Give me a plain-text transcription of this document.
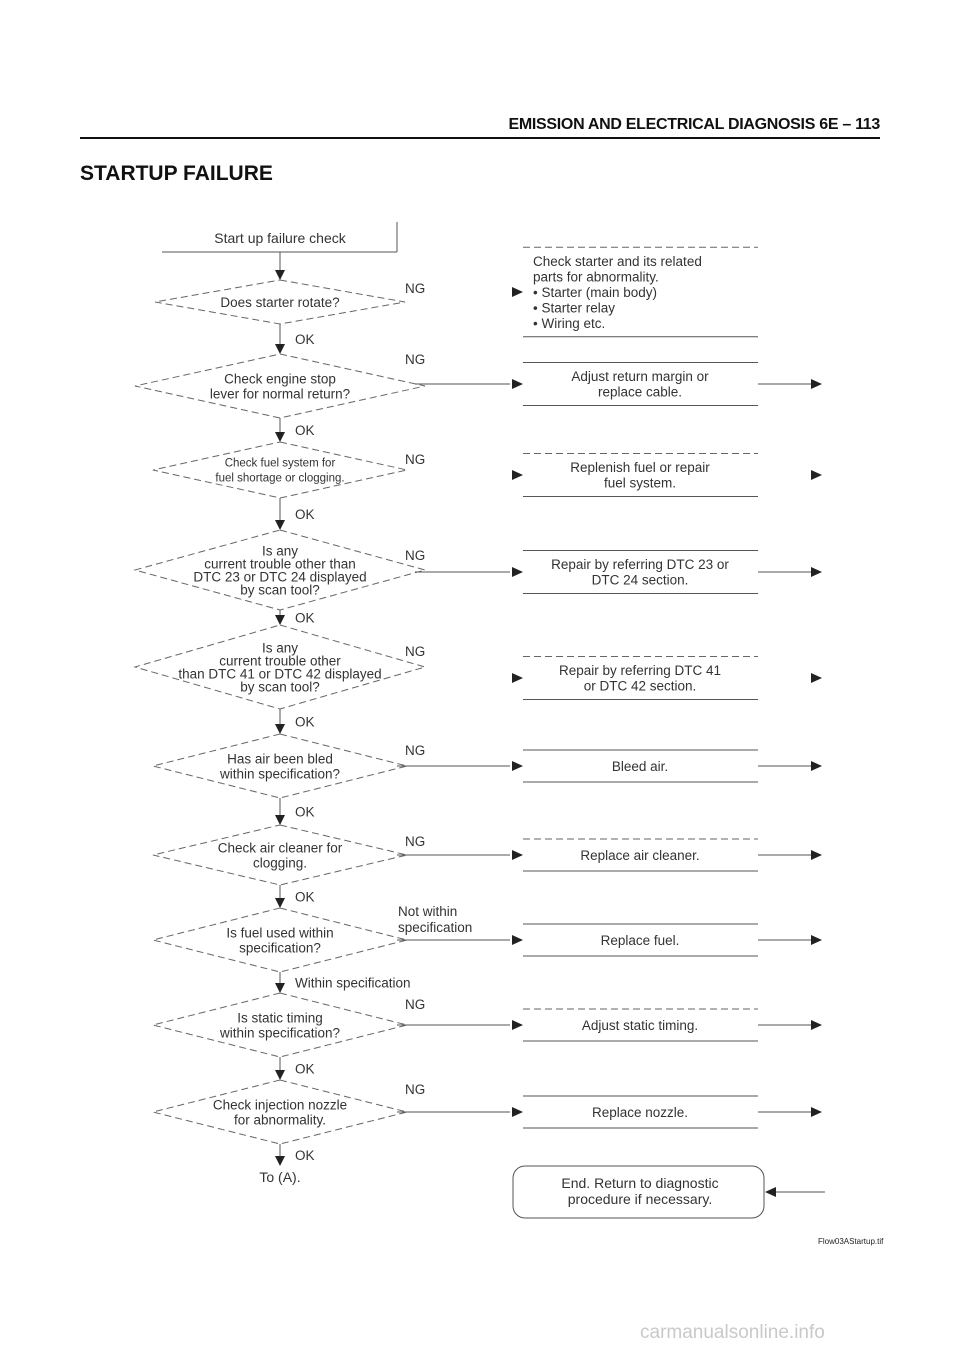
EMISSION AND ELECTRICAL DIAGNOSIS 6E – 113
STARTUP FAILURE
Start up failure check
Does starter rotate?
NG
Check starter and its related
parts for abnormality.
• Starter (main body)
• Starter relay
• Wiring etc.
OK
Check engine stop
lever for normal return?
NG
Adjust return margin or
replace cable.
OK
Check fuel system for
fuel shortage or clogging.
NG
Replenish fuel or repair
fuel system.
OK
Is any
current trouble other than
DTC 23 or DTC 24 displayed
by scan tool?
NG
Repair by referring DTC 23 or
DTC 24 section.
OK
Is any
current trouble other
than DTC 41 or DTC 42 displayed
by scan tool?
NG
Repair by referring DTC 41
or DTC 42 section.
OK
Has air been bled
within specification?
NG
Bleed air.
OK
Check air cleaner for
clogging.
NG
Replace air cleaner.
OK
Is fuel used within
specification?
Not within
specification
Replace fuel.
Within specification
Is static timing
within specification?
NG
Adjust static timing.
OK
Check injection nozzle
for abnormality.
NG
Replace nozzle.
OK
To (A).	End. Return to diagnostic
procedure if necessary.
Flow03AStartup.tif
carmanualsonline.info
